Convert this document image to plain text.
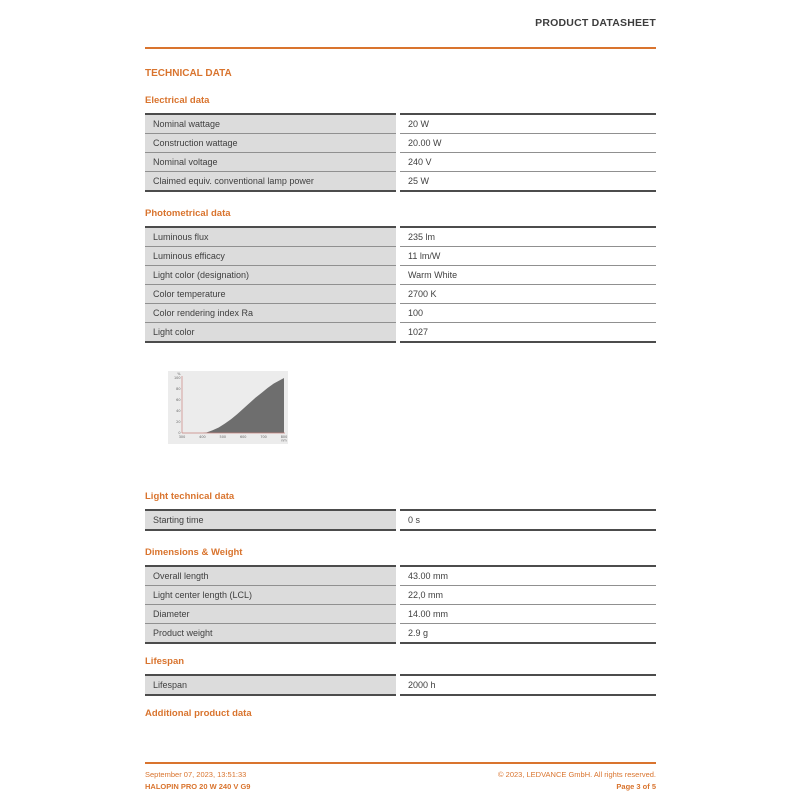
PRODUCT DATASHEET
TECHNICAL DATA
Electrical data
Nominal wattage	20 W
Construction wattage	20.00 W
Nominal voltage	240 V
Claimed equiv. conventional lamp power	25 W
Photometrical data
Luminous flux	235 lm
Luminous efficacy	11 lm/W
Light color (designation)	Warm White
Color temperature	2700 K
Color rendering index Ra	100
Light color	1027
0
20
40
60
80
100
%
300	400	500	600	700	800
nm
Light technical data
Starting time	0 s
Dimensions & Weight
Overall length	43.00 mm
Light center length (LCL)	22,0 mm
Diameter	14.00 mm
Product weight	2.9 g
Lifespan
Lifespan	2000 h
Additional product data
September 07, 2023, 13:51:33
HALOPIN PRO 20 W 240 V G9
© 2023, LEDVANCE GmbH. All rights reserved.
Page 3 of 5
